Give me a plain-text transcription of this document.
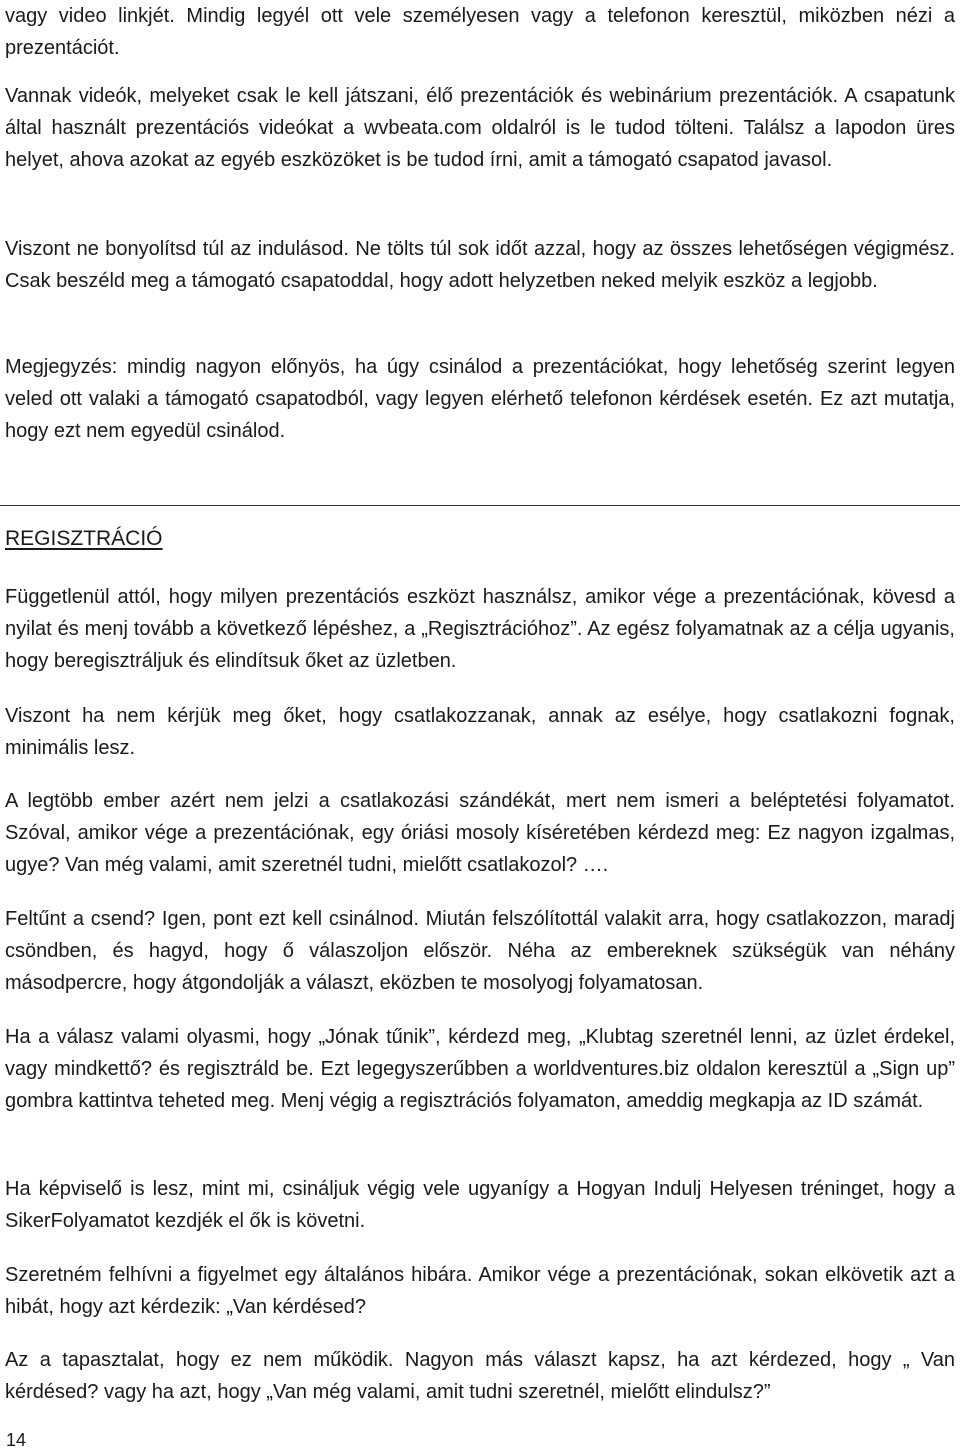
vagy video linkjét. Mindig legyél ott vele személyesen vagy a telefonon keresztül, miközben nézi a prezentációt.

Vannak videók, melyeket csak le kell játszani, élő prezentációk és webinárium prezentációk. A csapatunk által használt prezentációs videókat a wvbeata.com oldalról is le tudod tölteni. Találsz a lapodon üres helyet, ahova azokat az egyéb eszközöket is be tudod írni, amit a támogató csapatod javasol.

Viszont ne bonyolítsd túl az indulásod. Ne tölts túl sok időt azzal, hogy az összes lehetőségen végigmész. Csak beszéld meg a támogató csapatoddal, hogy adott helyzetben neked melyik eszköz a legjobb.

Megjegyzés: mindig nagyon előnyös, ha úgy csinálod a prezentációkat, hogy lehetőség szerint legyen veled ott valaki a támogató csapatodból, vagy legyen elérhető telefonon kérdések esetén. Ez azt mutatja, hogy ezt nem egyedül csinálod.

REGISZTRÁCIÓ

Függetlenül attól, hogy milyen prezentációs eszközt használsz, amikor vége a prezentációnak, kövesd a nyilat és menj tovább a következő lépéshez, a „Regisztrációhoz”. Az egész folyamatnak az a célja ugyanis, hogy beregisztráljuk és elindítsuk őket az üzletben.

Viszont ha nem kérjük meg őket, hogy csatlakozzanak, annak az esélye, hogy csatlakozni fognak, minimális lesz.

A legtöbb ember azért nem jelzi a csatlakozási szándékát, mert nem ismeri a beléptetési folyamatot. Szóval, amikor vége a prezentációnak, egy óriási mosoly kíséretében kérdezd meg: Ez nagyon izgalmas, ugye? Van még valami, amit szeretnél tudni, mielőtt csatlakozol? ….

Feltűnt a csend? Igen, pont ezt kell csinálnod. Miután felszólítottál valakit arra, hogy csatlakozzon, maradj csöndben, és hagyd, hogy ő válaszoljon először. Néha az embereknek szükségük van néhány másodpercre, hogy átgondolják a választ, eközben te mosolyogj folyamatosan.

Ha a válasz valami olyasmi, hogy „Jónak tűnik”, kérdezd meg, „Klubtag szeretnél lenni, az üzlet érdekel, vagy mindkettő? és regisztráld be. Ezt legegyszerűbben a worldventures.biz oldalon keresztül a „Sign up” gombra kattintva teheted meg. Menj végig a regisztrációs folyamaton, ameddig megkapja az ID számát.

Ha képviselő is lesz, mint mi, csináljuk végig vele ugyanígy a Hogyan Indulj Helyesen tréninget, hogy a SikerFolyamatot kezdjék el ők is követni.

Szeretném felhívni a figyelmet egy általános hibára. Amikor vége a prezentációnak, sokan elkövetik azt a hibát, hogy azt kérdezik: „Van kérdésed?

Az a tapasztalat, hogy ez nem működik. Nagyon más választ kapsz, ha azt kérdezed, hogy „ Van kérdésed? vagy ha azt, hogy „Van még valami, amit tudni szeretnél, mielőtt elindulsz?”

14
